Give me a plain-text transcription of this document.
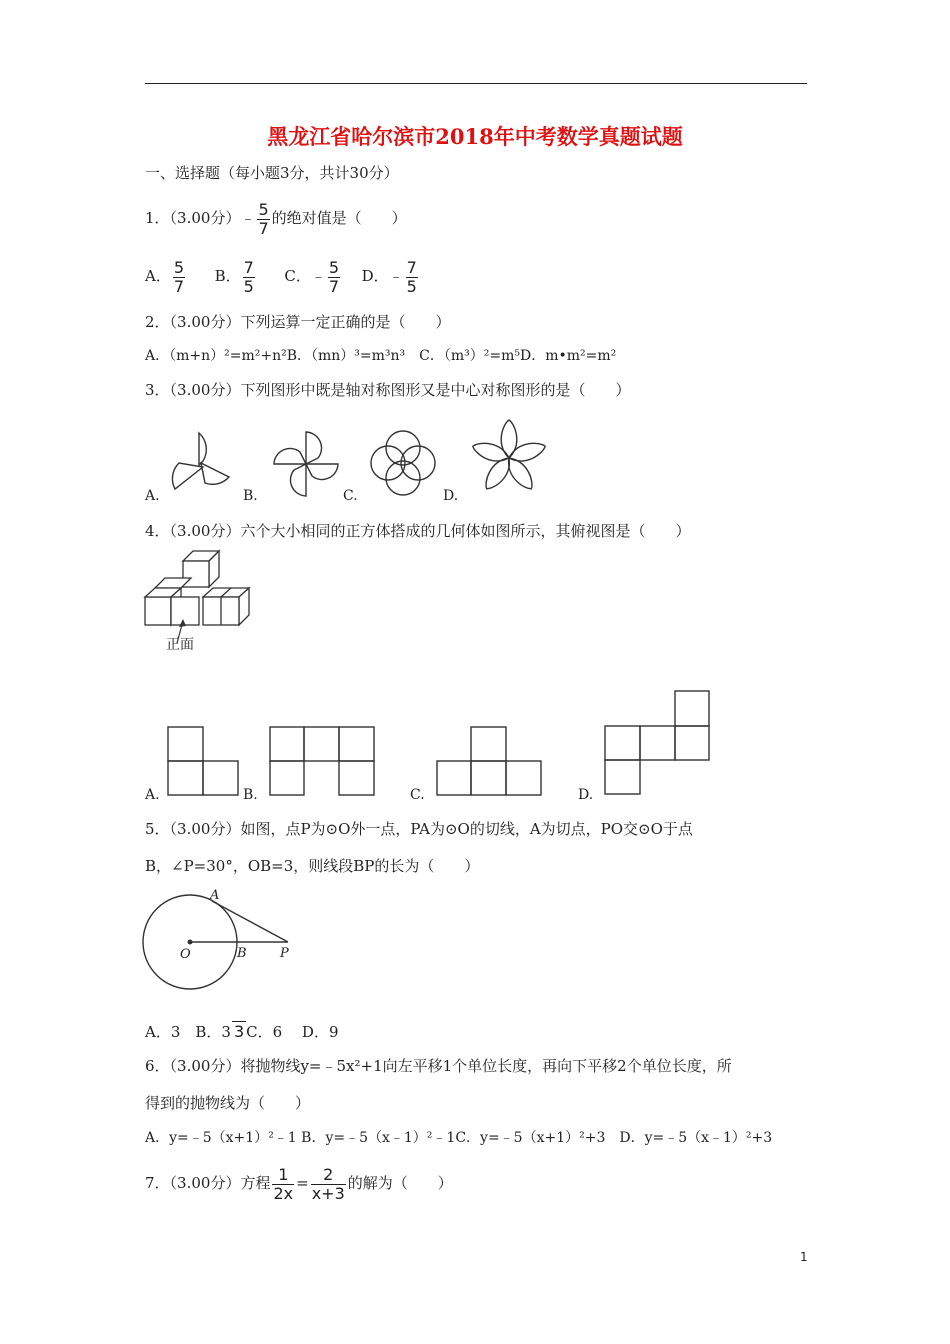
黑龙江省哈尔滨市2018年中考数学真题试题
一、选择题（每小题3分，共计30分）
1．（3.00分）﹣ $\frac{5}{7}$ 的绝对值是（　　）
A． $\frac{5}{7}$ B． $\frac{7}{5}$ C．﹣ $\frac{5}{7}$ D．﹣ $\frac{7}{5}$
2．（3.00分）下列运算一定正确的是（　　）
A．（m+n）²=m²+n²B．（mn）³=m³n³　C．（m³）²=m⁵D．m•m²=m²
3．（3.00分）下列图形中既是轴对称图形又是中心对称图形的是（　　）
A.	B.	C.	D.
4．（3.00分）六个大小相同的正方体搭成的几何体如图所示，其俯视图是（　　）
正面
A.	B.	C.	D.
5．（3.00分）如图，点P为⊙O外一点，PA为⊙O的切线，A为切点，PO交⊙O于点
B，∠P=30°，OB=3，则线段BP的长为（　　）
A
O	B	P
A．3　B．3 3 C．6　 D．9
6．（3.00分）将抛物线y=﹣5x²+1向左平移1个单位长度，再向下平移2个单位长度，所
得到的抛物线为（　　）
A．y=﹣5（x+1）²﹣1 B．y=﹣5（x﹣1）²﹣1C．y=﹣5（x+1）²+3　D．y=﹣5（x﹣1）²+3
7．（3.00分）方程 $\frac{1}{2x} = \frac{2}{x+3}$ 的解为（　　）
1
